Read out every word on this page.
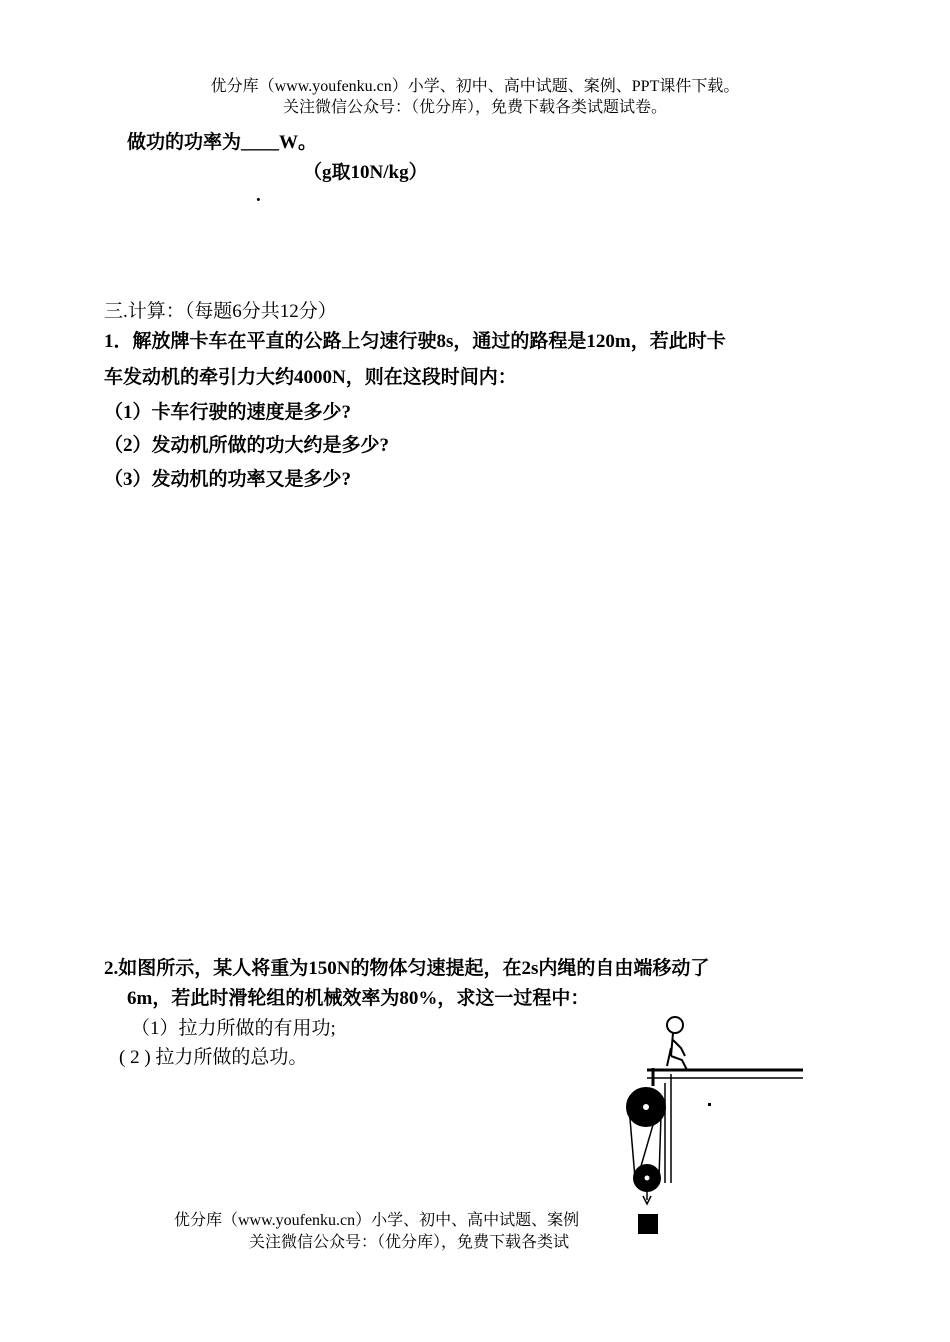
优分库（www.youfenku.cn）小学、初中、高中试题、案例、PPT课件下载。
关注微信公众号：（优分库），免费下载各类试题试卷。
做功的功率为____W。
（g取10N/kg）
.
三.计算：（每题6分共12分）
1．解放牌卡车在平直的公路上匀速行驶8s，通过的路程是120m，若此时卡
车发动机的牵引力大约4000N，则在这段时间内：
（1）卡车行驶的速度是多少?
（2）发动机所做的功大约是多少?
（3）发动机的功率又是多少?
2.如图所示，某人将重为150N的物体匀速提起，在2s内绳的自由端移动了
6m，若此时滑轮组的机械效率为80%，求这一过程中：
（1）拉力所做的有用功;
( 2 ) 拉力所做的总功。
优分库（www.youfenku.cn）小学、初中、高中试题、案例
关注微信公众号：（优分库），免费下载各类试
